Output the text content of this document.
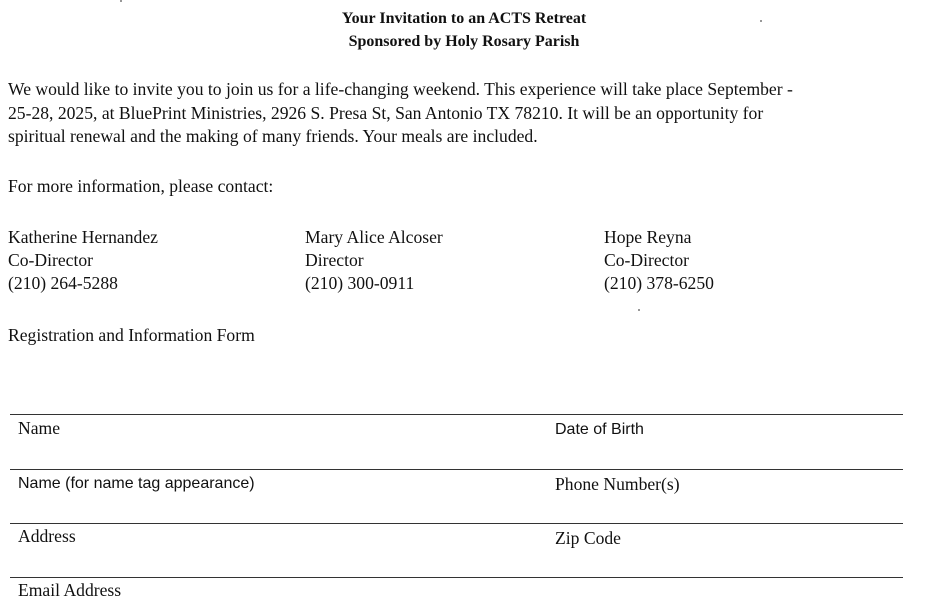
Your Invitation to an ACTS Retreat
Sponsored by Holy Rosary Parish
We would like to invite you to join us for a life-changing weekend. This experience will take place September -
25-28, 2025, at BluePrint Ministries, 2926 S. Presa St, San Antonio TX 78210. It will be an opportunity for
spiritual renewal and the making of many friends. Your meals are included.
For more information, please contact:
Katherine Hernandez
Co-Director
(210) 264-5288
Mary Alice Alcoser
Director
(210) 300-0911
Hope Reyna
Co-Director
(210) 378-6250
Registration and Information Form
Name	Date of Birth
Name (for name tag appearance)	Phone Number(s)
Address	Zip Code
Email Address
